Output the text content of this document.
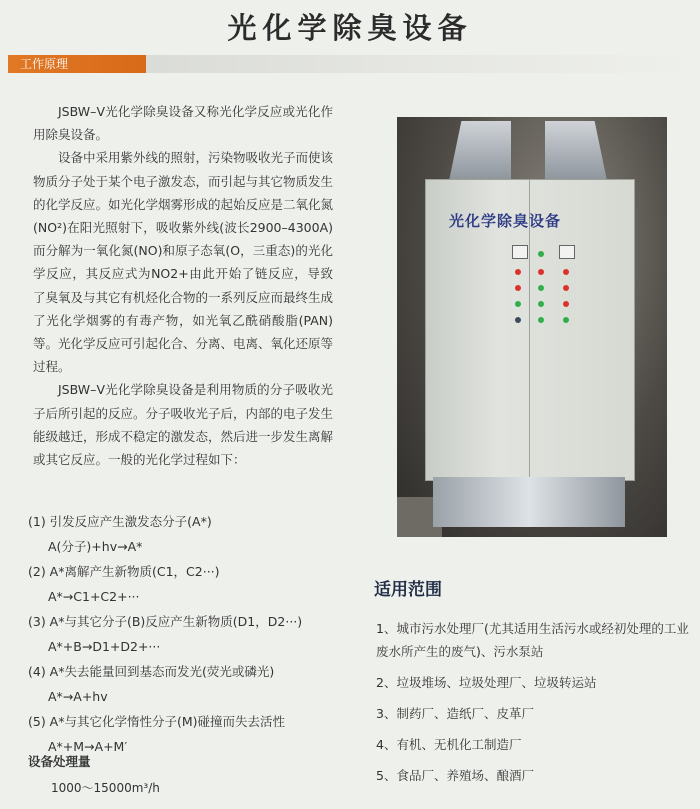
光化学除臭设备
工作原理

JSBW–Ⅴ光化学除臭设备又称光化学反应或光化作用除臭设备。

设备中采用紫外线的照射，污染物吸收光子而使该物质分子处于某个电子激发态，而引起与其它物质发生的化学反应。如光化学烟雾形成的起始反应是二氧化氮(NO²)在阳光照射下，吸收紫外线(波长2900–4300A)而分解为一氧化氮(NO)和原子态氧(O，三重态)的光化学反应，其反应式为NO2+由此开始了链反应，导致了臭氧及与其它有机烃化合物的一系列反应而最终生成了光化学烟雾的有毒产物，如光氧乙酰硝酸脂(PAN)等。光化学反应可引起化合、分离、电离、氧化还原等过程。

JSBW–Ⅴ光化学除臭设备是利用物质的分子吸收光子后所引起的反应。分子吸收光子后，内部的电子发生能级越迁，形成不稳定的激发态，然后进一步发生离解或其它反应。一般的光化学过程如下：

(1) 引发反应产生激发态分子(A*)
A(分子)+hv→A*
(2) A*离解产生新物质(C1，C2···)
A*→C1+C2+···
(3) A*与其它分子(B)反应产生新物质(D1，D2···)
A*+B→D1+D2+···
(4) A*失去能量回到基态而发光(荧光或磷光)
A*→A+hv
(5) A*与其它化学惰性分子(M)碰撞而失去活性
A*+M→A+M′
设备处理量
1000～15000m³/h
光化学除臭设备
适用范围
1、城市污水处理厂(尤其适用生活污水或经初处理的工业废水所产生的废气)、污水泵站
2、垃圾堆场、垃圾处理厂、垃圾转运站
3、制药厂、造纸厂、皮革厂
4、有机、无机化工制造厂
5、食品厂、养殖场、酿酒厂
